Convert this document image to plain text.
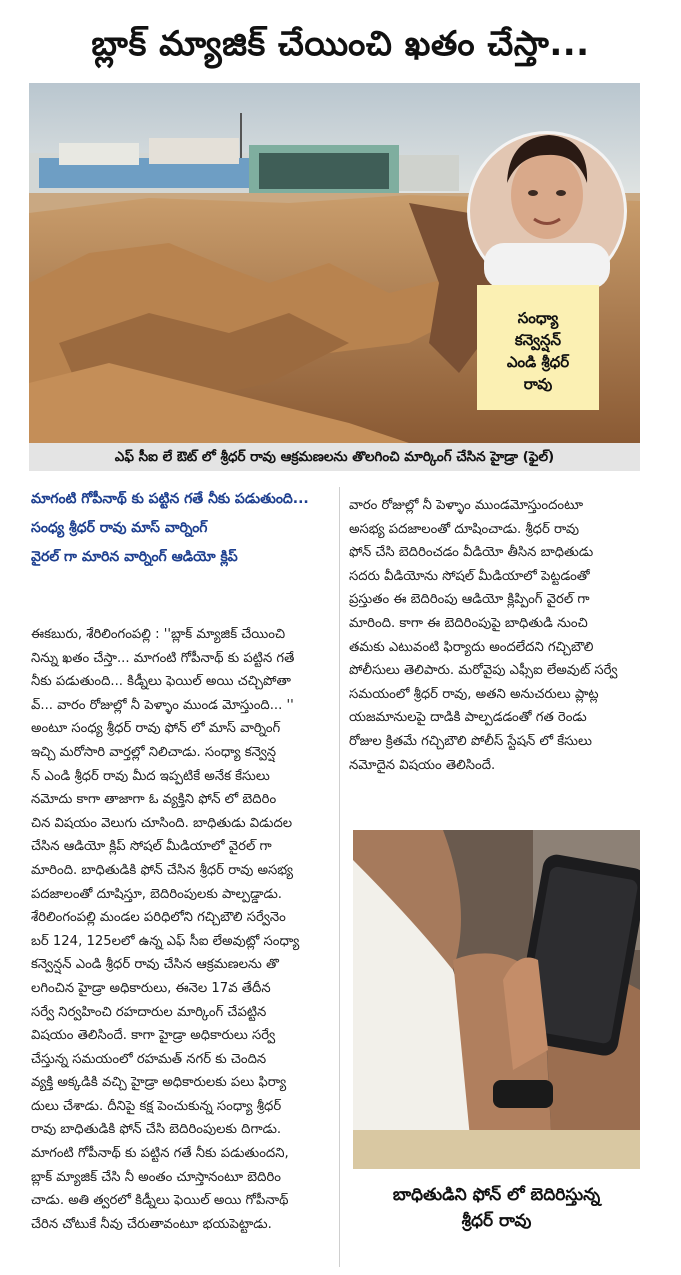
బ్లాక్ మ్యాజిక్ చేయించి ఖతం చేస్తా...
సంధ్యా
కన్వెన్షన్
ఎండి శ్రీధర్
రావు
ఎఫ్ సీఐ లే ఔట్ లో శ్రీధర్ రావు ఆక్రమణలను తొలగించి మార్కింగ్ చేసిన హైడ్రా (ఫైల్)
మాగంటి గోపీనాథ్ కు పట్టిన గతే నీకు పడుతుంది...
సంధ్య శ్రీధర్ రావు మాస్ వార్నింగ్
వైరల్ గా మారిన వార్నింగ్ ఆడియో క్లిప్
ఈకబురు, శేరిలింగంపల్లి : ''బ్లాక్ మ్యాజిక్ చేయించి
నిన్ను ఖతం చేస్తా... మాగంటి గోపీనాథ్ కు పట్టిన గతే
నీకు పడుతుంది... కిడ్నీలు ఫెయిల్ అయి చచ్చిపోతా
వ్... వారం రోజుల్లో నీ పెళ్ళాం ముండ మోస్తుంది... ''
అంటూ సంధ్య శ్రీధర్ రావు ఫోన్ లో మాస్ వార్నింగ్
ఇచ్చి మరోసారి వార్తల్లో నిలిచాడు. సంధ్యా కన్వెన్ష
న్ ఎండి శ్రీధర్ రావు మీద ఇప్పటికే అనేక కేసులు
నమోదు కాగా తాజాగా ఓ వ్యక్తిని ఫోన్ లో బెదిరిం
చిన విషయం వెలుగు చూసింది. బాధితుడు విడుదల
చేసిన ఆడియో క్లిప్ సోషల్ మీడియాలో వైరల్ గా
మారింది. బాధితుడికి ఫోన్ చేసిన శ్రీధర్ రావు అసభ్య
పదజాలంతో దూషిస్తూ, బెదిరింపులకు పాల్పడ్డాడు.
శేరిలింగంపల్లి మండల పరిధిలోని గచ్చిబౌలి సర్వేనెం
బర్ 124, 125లలో ఉన్న ఎఫ్ సీఐ లేఅవుట్లో సంధ్యా
కన్వెన్షన్ ఎండి శ్రీధర్ రావు చేసిన ఆక్రమణలను తొ
లగించిన హైడ్రా అధికారులు, ఈనెల 17వ తేదీన
సర్వే నిర్వహించి రహదారుల మార్కింగ్ చేపట్టిన
విషయం తెలిసిందే. కాగా హైడ్రా అధికారులు సర్వే
చేస్తున్న సమయంలో రహమత్ నగర్ కు చెందిన
వ్యక్తి అక్కడికి వచ్చి హైడ్రా అధికారులకు పలు ఫిర్యా
దులు చేశాడు. దీనిపై కక్ష పెంచుకున్న సంధ్యా శ్రీధర్
రావు బాధితుడికి ఫోన్ చేసి బెదిరింపులకు దిగాడు.
మాగంటి గోపీనాథ్ కు పట్టిన గతే నీకు పడుతుందని,
బ్లాక్ మ్యాజిక్ చేసి నీ అంతం చూస్తానంటూ బెదిరిం
చాడు. అతి త్వరలో కిడ్నీలు ఫెయిల్ అయి గోపీనాథ్
చేరిన చోటుకే నీవు చేరుతావంటూ భయపెట్టాడు.
వారం రోజుల్లో నీ పెళ్ళాం ముండమోస్తుందంటూ
అసభ్య పదజాలంతో దూషించాడు. శ్రీధర్ రావు
ఫోన్ చేసి బెదిరించడం వీడియో తీసిన బాధితుడు
సదరు వీడియోను సోషల్ మీడియాలో పెట్టడంతో
ప్రస్తుతం ఈ బెదిరింపు ఆడియో క్లిప్పింగ్ వైరల్ గా
మారింది. కాగా ఈ బెదిరింపుపై బాధితుడి నుంచి
తమకు ఎటువంటి ఫిర్యాదు అందలేదని గచ్చిబౌలి
పోలీసులు తెలిపారు. మరోవైపు ఎఫ్సీఐ లేఅవుట్ సర్వే
సమయంలో శ్రీధర్ రావు, అతని అనుచరులు ప్లాట్ల
యజమానులపై దాడికి పాల్పడడంతో గత రెండు
రోజుల క్రితమే గచ్చిబౌలి పోలీస్ స్టేషన్ లో కేసులు
నమోదైన విషయం తెలిసిందే.
బాధితుడిని ఫోన్ లో బెదిరిస్తున్న
శ్రీధర్ రావు
